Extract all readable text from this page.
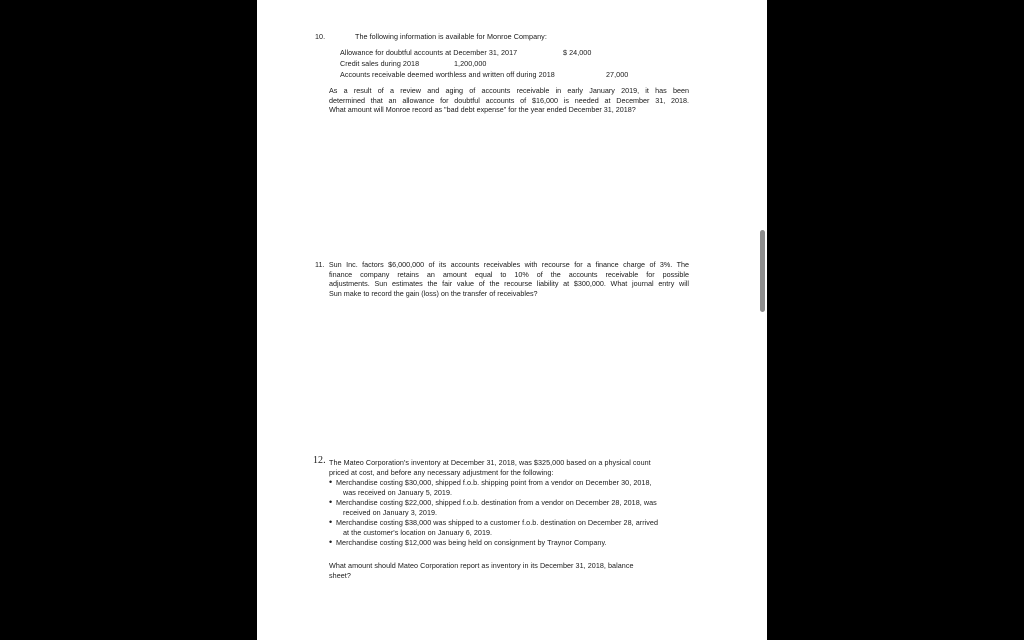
10.	The following information is available for Monroe Company:
Allowance for doubtful accounts at December 31, 2017	$ 24,000
Credit sales during 2018	1,200,000
Accounts receivable deemed worthless and written off during 2018	27,000
As a result of a review and aging of accounts receivable in early January 2019, it has been
determined that an allowance for doubtful accounts of $16,000 is needed at December 31, 2018.
What amount will Monroe record as "bad debt expense" for the year ended December 31, 2018?
11. Sun Inc. factors $6,000,000 of its accounts receivables with recourse for a finance charge of 3%. The
finance company retains an amount equal to 10% of the accounts receivable for possible
adjustments. Sun estimates the fair value of the recourse liability at $300,000. What journal entry will
Sun make to record the gain (loss) on the transfer of receivables?
12. The Mateo Corporation's inventory at December 31, 2018, was $325,000 based on a physical count
priced at cost, and before any necessary adjustment for the following:
• Merchandise costing $30,000, shipped f.o.b. shipping point from a vendor on December 30, 2018,
was received on January 5, 2019.
• Merchandise costing $22,000, shipped f.o.b. destination from a vendor on December 28, 2018, was
received on January 3, 2019.
• Merchandise costing $38,000 was shipped to a customer f.o.b. destination on December 28, arrived
at the customer's location on January 6, 2019.
• Merchandise costing $12,000 was being held on consignment by Traynor Company.
What amount should Mateo Corporation report as inventory in its December 31, 2018, balance
sheet?
